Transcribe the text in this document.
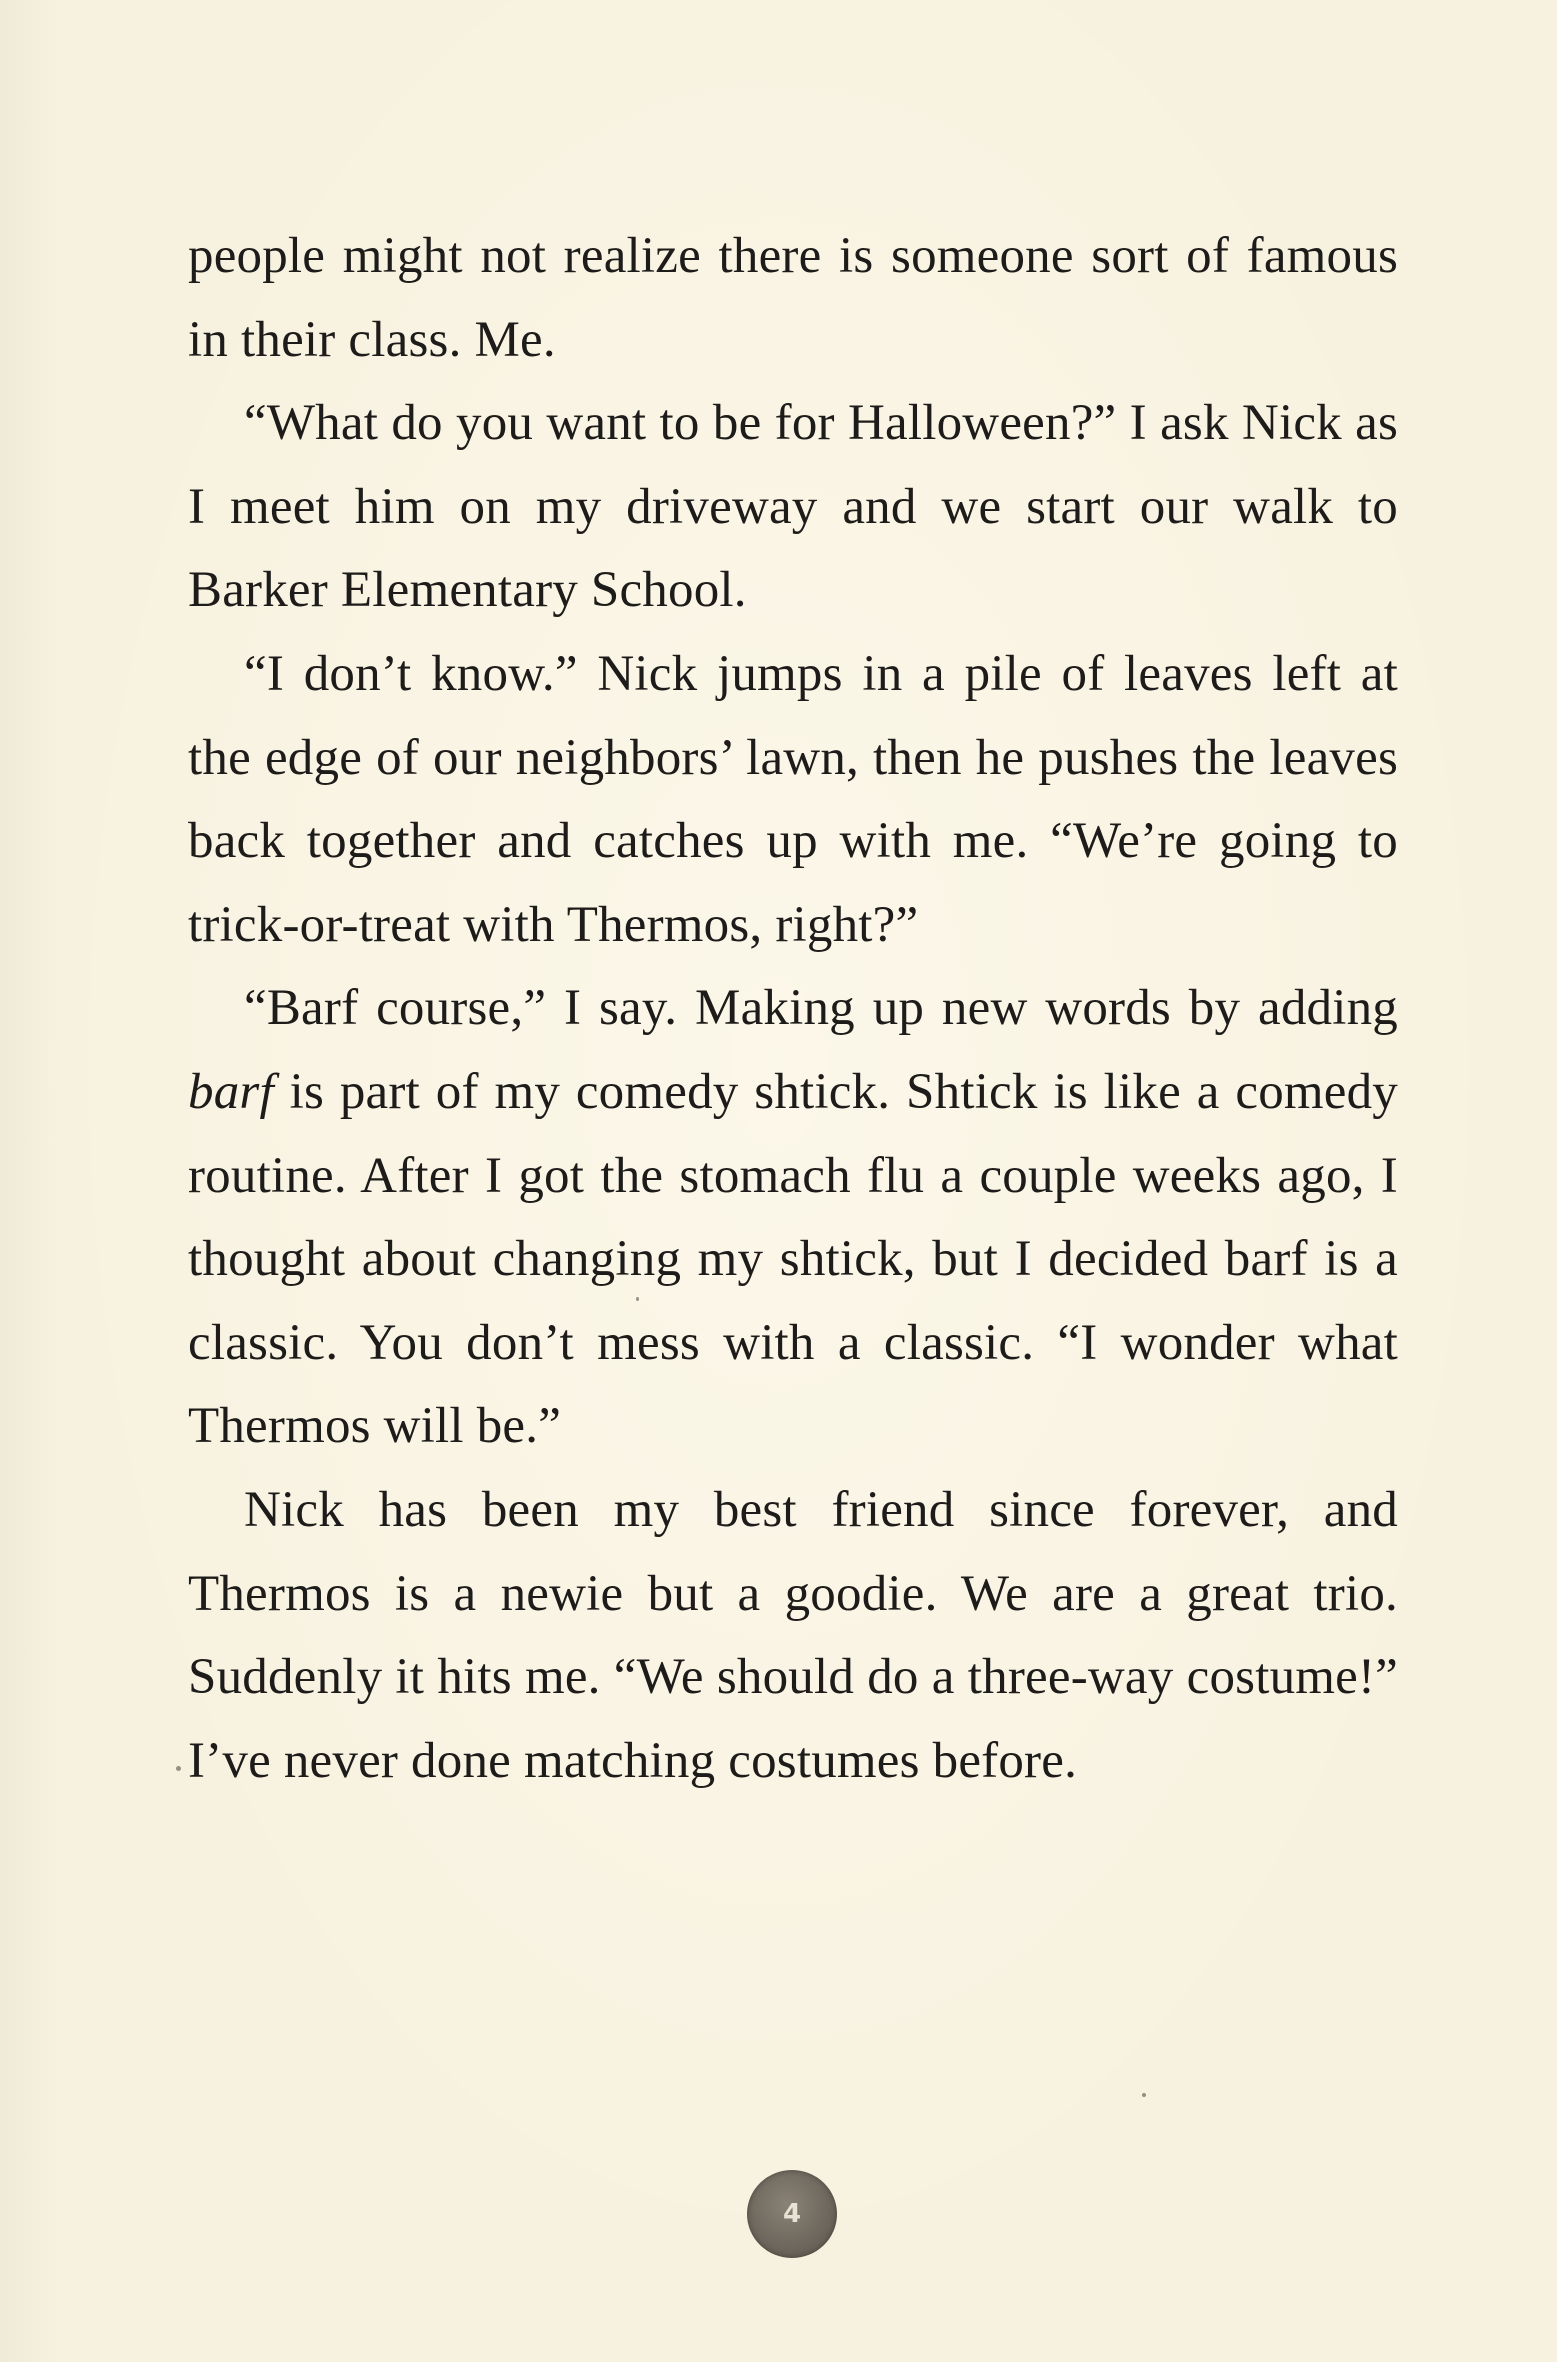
people might not realize there is someone sort of famous in their class. Me.

“What do you want to be for Halloween?” I ask Nick as I meet him on my driveway and we start our walk to Barker Elementary School.

“I don’t know.” Nick jumps in a pile of leaves left at the edge of our neighbors’ lawn, then he pushes the leaves back together and catches up with me. “We’re going to trick-or-treat with Thermos, right?”

“Barf course,” I say. Making up new words by adding barf is part of my comedy shtick. Shtick is like a comedy routine. After I got the stomach flu a couple weeks ago, I thought about changing my shtick, but I decided barf is a classic. You don’t mess with a classic. “I wonder what Thermos will be.”

Nick has been my best friend since forever, and Thermos is a newie but a goodie. We are a great trio. Suddenly it hits me. “We should do a three-way costume!” I’ve never done matching costumes before.

4
